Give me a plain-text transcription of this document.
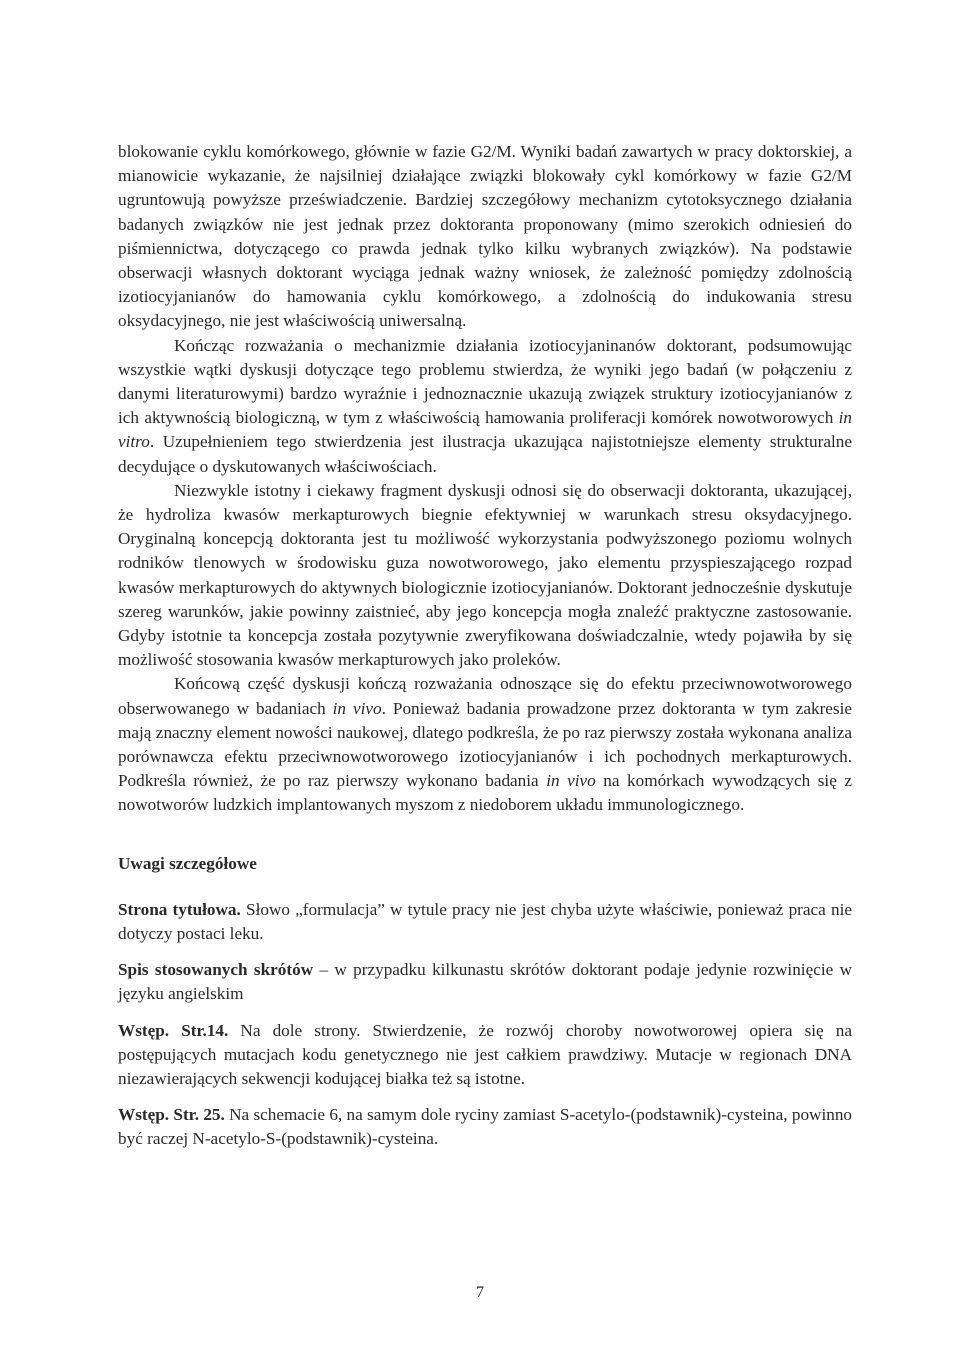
blokowanie cyklu komórkowego, głównie w fazie G2/M. Wyniki badań zawartych w pracy doktorskiej, a mianowicie wykazanie, że najsilniej działające związki blokowały cykl komórkowy w fazie G2/M ugruntowują powyższe przeświadczenie. Bardziej szczegółowy mechanizm cytotoksycznego działania badanych związków nie jest jednak przez doktoranta proponowany (mimo szerokich odniesień do piśmiennictwa, dotyczącego co prawda jednak tylko kilku wybranych związków). Na podstawie obserwacji własnych doktorant wyciąga jednak ważny wniosek, że zależność pomiędzy zdolnością izotiocyjanianów do hamowania cyklu komórkowego, a zdolnością do indukowania stresu oksydacyjnego, nie jest właściwością uniwersalną.

Kończąc rozważania o mechanizmie działania izotiocyjaninanów doktorant, podsumowując wszystkie wątki dyskusji dotyczące tego problemu stwierdza, że wyniki jego badań (w połączeniu z danymi literaturowymi) bardzo wyraźnie i jednoznacznie ukazują związek struktury izotiocyjanianów z ich aktywnością biologiczną, w tym z właściwością hamowania proliferacji komórek nowotworowych in vitro. Uzupełnieniem tego stwierdzenia jest ilustracja ukazująca najistotniejsze elementy strukturalne decydujące o dyskutowanych właściwościach.

Niezwykle istotny i ciekawy fragment dyskusji odnosi się do obserwacji doktoranta, ukazującej, że hydroliza kwasów merkapturowych biegnie efektywniej w warunkach stresu oksydacyjnego. Oryginalną koncepcją doktoranta jest tu możliwość wykorzystania podwyższonego poziomu wolnych rodników tlenowych w środowisku guza nowotworowego, jako elementu przyspieszającego rozpad kwasów merkapturowych do aktywnych biologicznie izotiocyjanianów. Doktorant jednocześnie dyskutuje szereg warunków, jakie powinny zaistnieć, aby jego koncepcja mogła znaleźć praktyczne zastosowanie. Gdyby istotnie ta koncepcja została pozytywnie zweryfikowana doświadczalnie, wtedy pojawiła by się możliwość stosowania kwasów merkapturowych jako proleków.

Końcową część dyskusji kończą rozważania odnoszące się do efektu przeciwnowotworowego obserwowanego w badaniach in vivo. Ponieważ badania prowadzone przez doktoranta w tym zakresie mają znaczny element nowości naukowej, dlatego podkreśla, że po raz pierwszy została wykonana analiza porównawcza efektu przeciwnowotworowego izotiocyjanianów i ich pochodnych merkapturowych. Podkreśla również, że po raz pierwszy wykonano badania in vivo na komórkach wywodzących się z nowotworów ludzkich implantowanych myszom z niedoborem układu immunologicznego.

Uwagi szczegółowe

Strona tytułowa. Słowo „formulacja” w tytule pracy nie jest chyba użyte właściwie, ponieważ praca nie dotyczy postaci leku.

Spis stosowanych skrótów – w przypadku kilkunastu skrótów doktorant podaje jedynie rozwinięcie w języku angielskim

Wstęp. Str.14. Na dole strony. Stwierdzenie, że rozwój choroby nowotworowej opiera się na postępujących mutacjach kodu genetycznego nie jest całkiem prawdziwy. Mutacje w regionach DNA niezawierających sekwencji kodującej białka też są istotne.

Wstęp. Str. 25. Na schemacie 6, na samym dole ryciny zamiast S-acetylo-(podstawnik)-cysteina, powinno być raczej N-acetylo-S-(podstawnik)-cysteina.

7
